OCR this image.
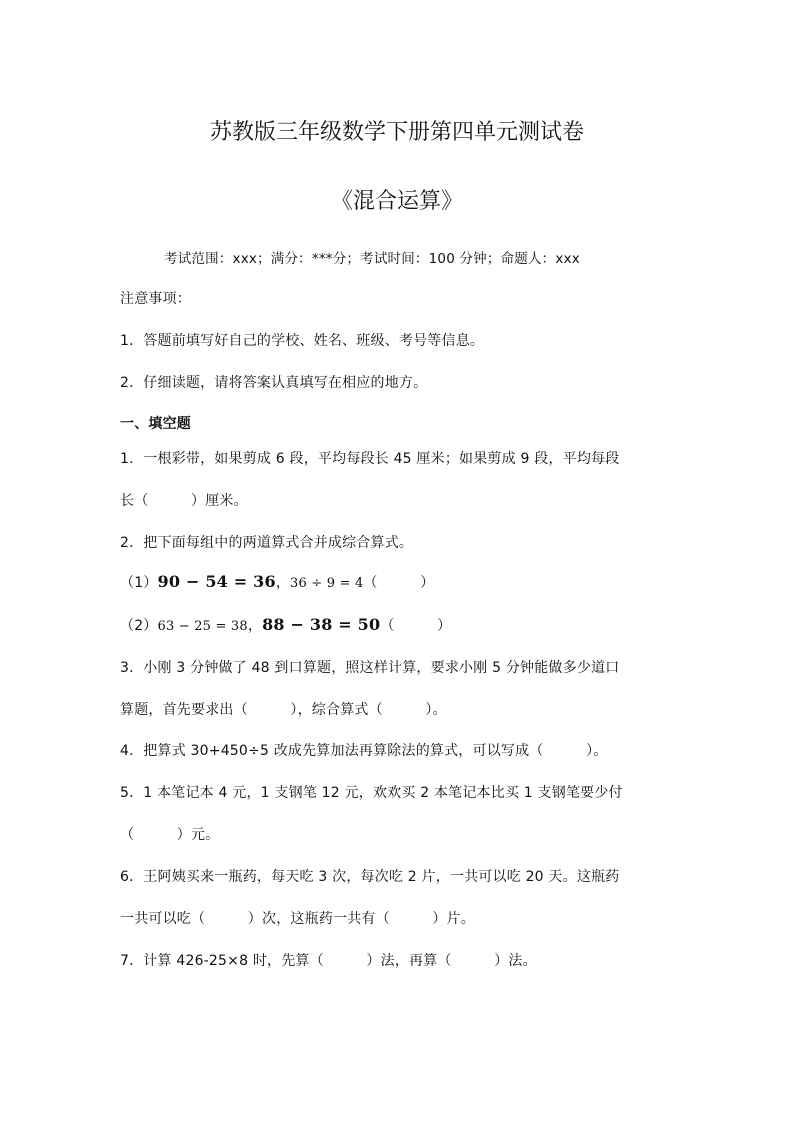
苏教版三年级数学下册第四单元测试卷
《混合运算》
考试范围：xxx；满分：***分；考试时间：100 分钟；命题人：xxx
注意事项：
1．答题前填写好自己的学校、姓名、班级、考号等信息。
2．仔细读题，请将答案认真填写在相应的地方。
一、填空题
1．一根彩带，如果剪成 6 段，平均每段长 45 厘米；如果剪成 9 段，平均每段
长（　　　）厘米。
2．把下面每组中的两道算式合并成综合算式。
（1）90 − 54 = 36，36 ÷ 9 = 4（　　　）
（2）63 − 25 = 38，88 − 38 = 50（　　　）
3．小刚 3 分钟做了 48 到口算题，照这样计算，要求小刚 5 分钟能做多少道口
算题，首先要求出（　　　），综合算式（　　　）。
4．把算式 30+450÷5 改成先算加法再算除法的算式，可以写成（　　　）。
5．1 本笔记本 4 元，1 支钢笔 12 元，欢欢买 2 本笔记本比买 1 支钢笔要少付
（　　　）元。
6．王阿姨买来一瓶药，每天吃 3 次，每次吃 2 片，一共可以吃 20 天。这瓶药
一共可以吃（　　　）次，这瓶药一共有（　　　）片。
7．计算 426-25×8 时，先算（　　　）法，再算（　　　）法。
